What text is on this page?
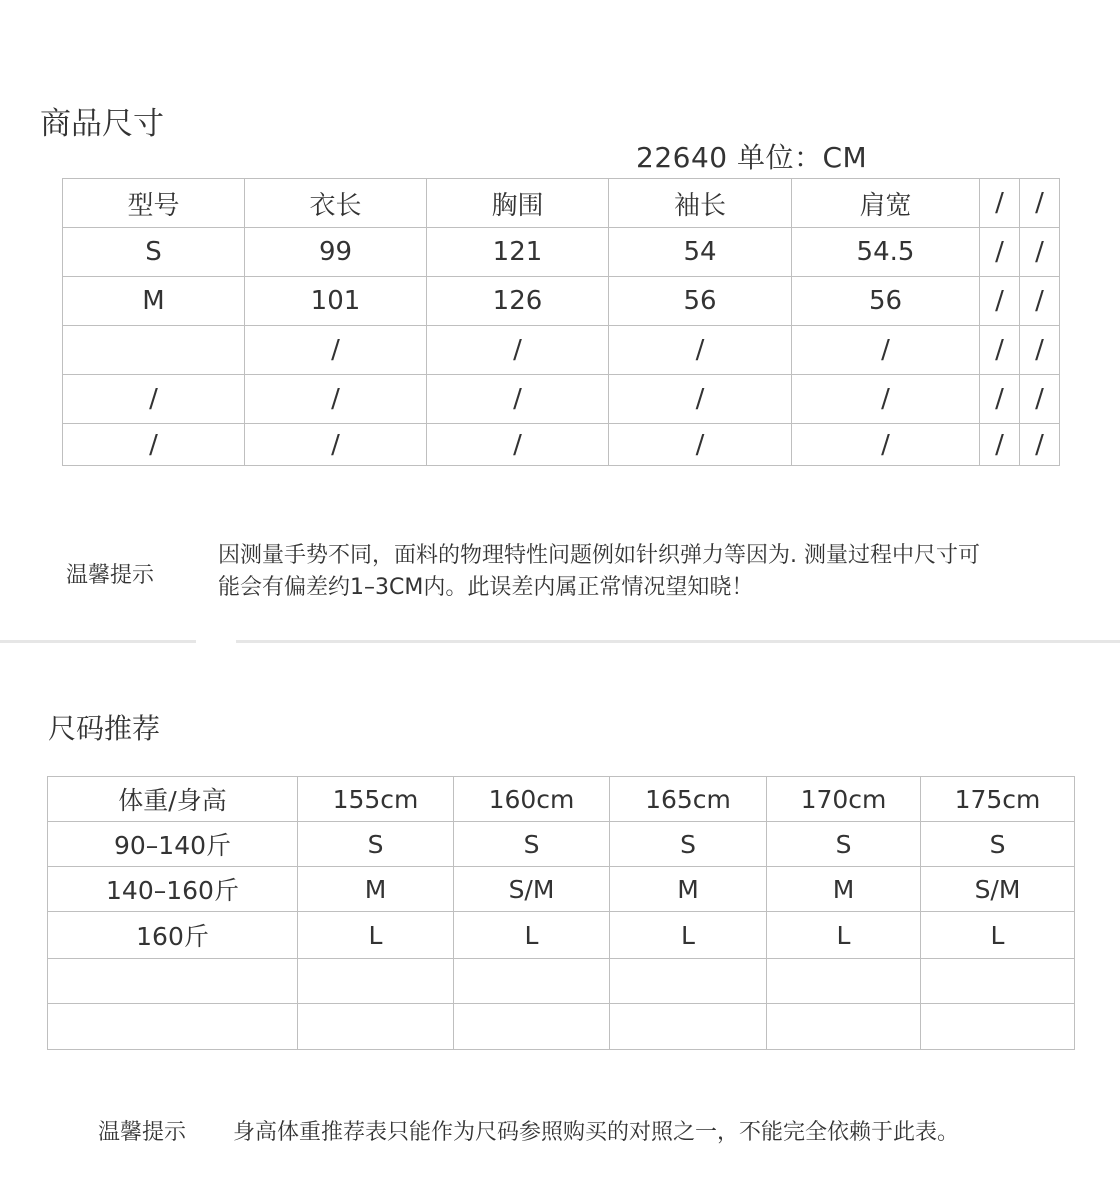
商品尺寸
22640 单位：CM
型号	衣长	胸围	袖长	肩宽	/	/
S	99	121	54	54.5	/	/
M	101	126	56	56	/	/
	/	/	/	/	/	/
/	/	/	/	/	/	/
/	/	/	/	/	/	/
温馨提示
因测量手势不同，面料的物理特性问题例如针织弹力等因为. 测量过程中尺寸可
能会有偏差约1–3CM内。此误差内属正常情况望知晓！
尺码推荐
体重/身高	155cm	160cm	165cm	170cm	175cm
90–140斤	S	S	S	S	S
140–160斤	M	S/M	M	M	S/M
160斤	L	L	L	L	L

温馨提示 身高体重推荐表只能作为尺码参照购买的对照之一，不能完全依赖于此表。
